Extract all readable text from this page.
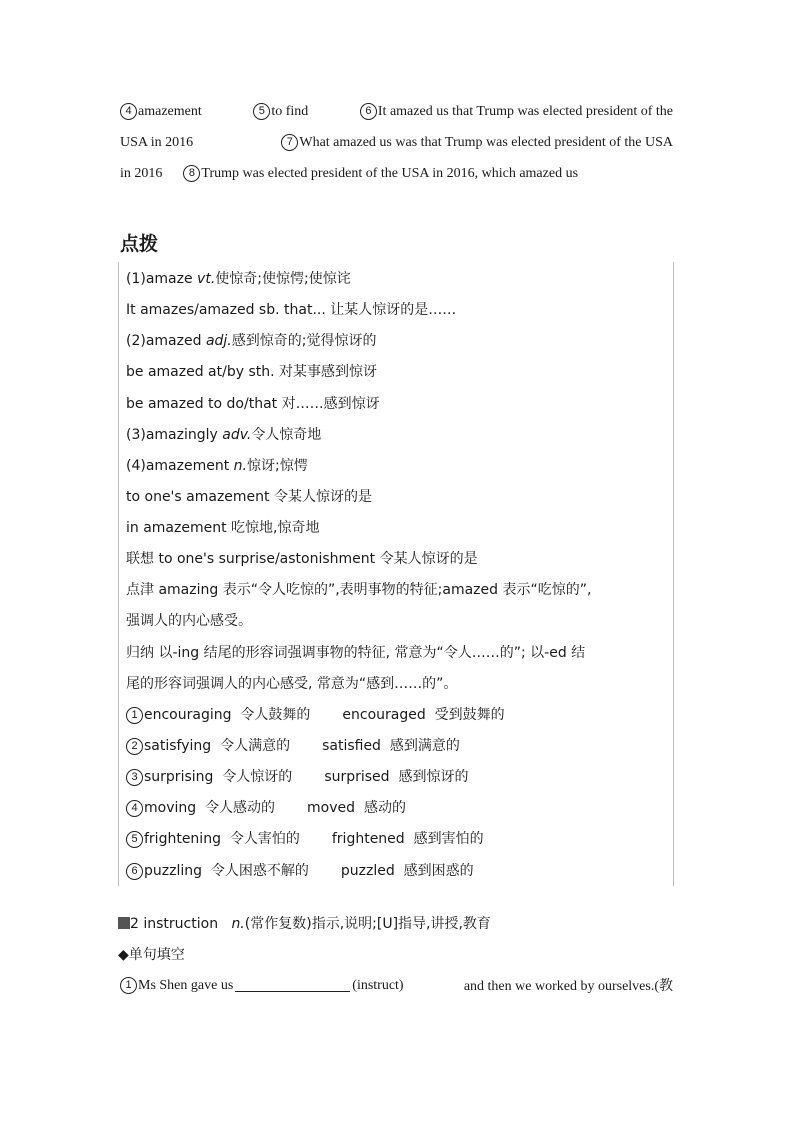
4 amazement	5 to find	6 It amazed us that Trump was elected president of the
USA in 2016	7 What amazed us was that Trump was elected president of the USA
in 2016 8 Trump was elected president of the USA in 2016, which amazed us
点拨
(1)amaze vt.使惊奇;使惊愕;使惊诧
It amazes/amazed sb. that... 让某人惊讶的是……
(2)amazed adj.感到惊奇的;觉得惊讶的
be amazed at/by sth. 对某事感到惊讶
be amazed to do/that 对……感到惊讶
(3)amazingly adv.令人惊奇地
(4)amazement n.惊讶;惊愕
to one's amazement 令某人惊讶的是
in amazement 吃惊地,惊奇地
联想 to one's surprise/astonishment 令某人惊讶的是
点津 amazing 表示“令人吃惊的”,表明事物的特征;amazed 表示“吃惊的”,
强调人的内心感受。
归纳 以-ing 结尾的形容词强调事物的特征, 常意为“令人……的”; 以-ed 结
尾的形容词强调人的内心感受, 常意为“感到……的”。
1 encouraging 令人鼓舞的 encouraged 受到鼓舞的
2 satisfying 令人满意的 satisfied 感到满意的
3 surprising 令人惊讶的 surprised 感到惊讶的
4 moving 令人感动的 moved 感动的
5 frightening 令人害怕的 frightened 感到害怕的
6 puzzling 令人困惑不解的 puzzled 感到困惑的
2 instruction n.(常作复数)指示,说明;[U]指导,讲授,教育
◆单句填空
1 Ms Shen gave us	(instruct)	and then we worked by ourselves.(教
